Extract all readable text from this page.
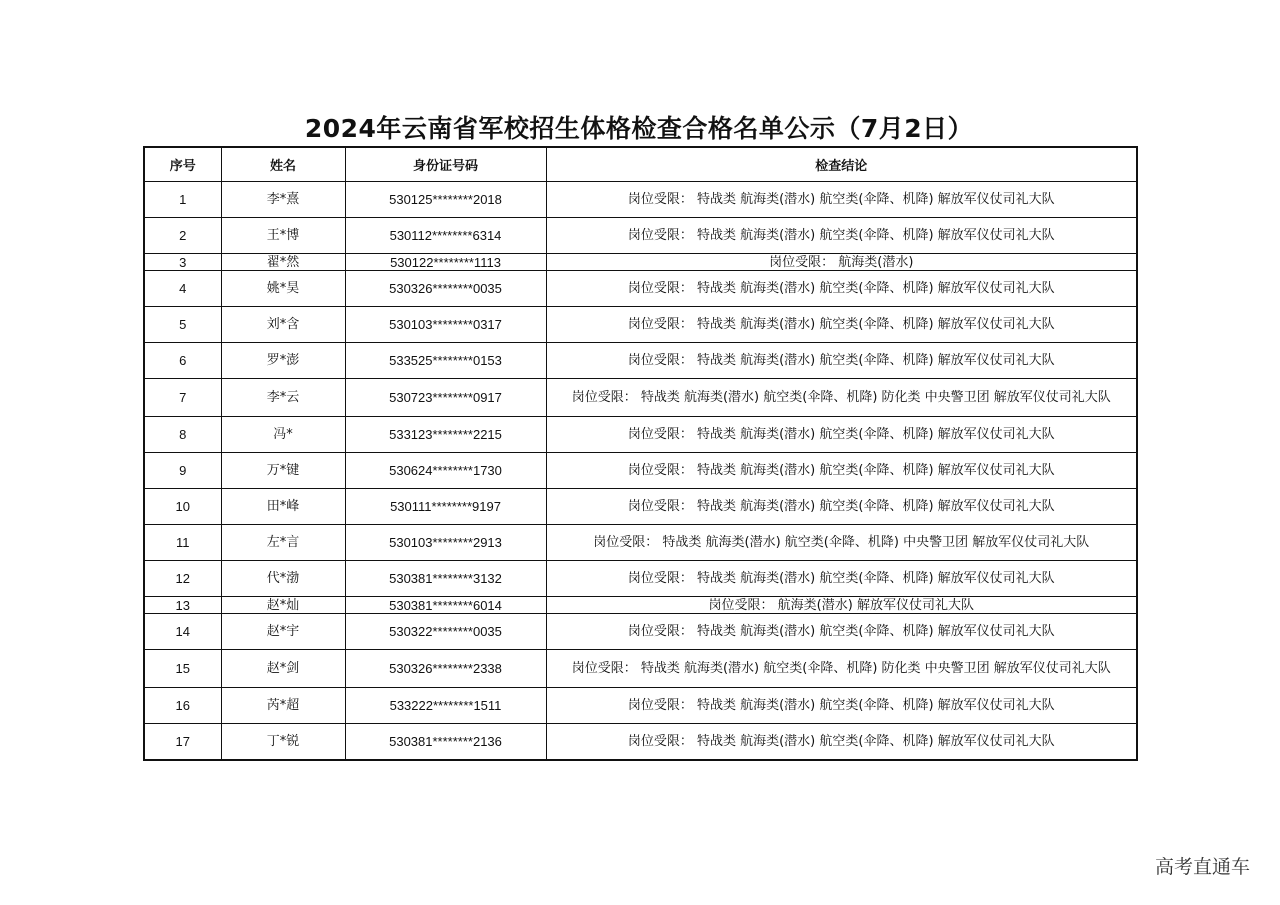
2024年云南省军校招生体格检查合格名单公示（7月2日）
序号	姓名	身份证号码	检查结论
1	李*熹	530125********2018	岗位受限： 特战类 航海类(潜水) 航空类(伞降、机降) 解放军仪仗司礼大队
2	王*博	530112********6314	岗位受限： 特战类 航海类(潜水) 航空类(伞降、机降) 解放军仪仗司礼大队
3	翟*然	530122********1113	岗位受限： 航海类(潜水)
4	姚*昊	530326********0035	岗位受限： 特战类 航海类(潜水) 航空类(伞降、机降) 解放军仪仗司礼大队
5	刘*含	530103********0317	岗位受限： 特战类 航海类(潜水) 航空类(伞降、机降) 解放军仪仗司礼大队
6	罗*澎	533525********0153	岗位受限： 特战类 航海类(潜水) 航空类(伞降、机降) 解放军仪仗司礼大队
7	李*云	530723********0917	岗位受限： 特战类 航海类(潜水) 航空类(伞降、机降) 防化类 中央警卫团 解放军仪仗司礼大队
8	冯*	533123********2215	岗位受限： 特战类 航海类(潜水) 航空类(伞降、机降) 解放军仪仗司礼大队
9	万*键	530624********1730	岗位受限： 特战类 航海类(潜水) 航空类(伞降、机降) 解放军仪仗司礼大队
10	田*峰	530111********9197	岗位受限： 特战类 航海类(潜水) 航空类(伞降、机降) 解放军仪仗司礼大队
11	左*言	530103********2913	岗位受限： 特战类 航海类(潜水) 航空类(伞降、机降) 中央警卫团 解放军仪仗司礼大队
12	代*渤	530381********3132	岗位受限： 特战类 航海类(潜水) 航空类(伞降、机降) 解放军仪仗司礼大队
13	赵*灿	530381********6014	岗位受限： 航海类(潜水) 解放军仪仗司礼大队
14	赵*宇	530322********0035	岗位受限： 特战类 航海类(潜水) 航空类(伞降、机降) 解放军仪仗司礼大队
15	赵*剑	530326********2338	岗位受限： 特战类 航海类(潜水) 航空类(伞降、机降) 防化类 中央警卫团 解放军仪仗司礼大队
16	芮*超	533222********1511	岗位受限： 特战类 航海类(潜水) 航空类(伞降、机降) 解放军仪仗司礼大队
17	丁*锐	530381********2136	岗位受限： 特战类 航海类(潜水) 航空类(伞降、机降) 解放军仪仗司礼大队
高考直通车
